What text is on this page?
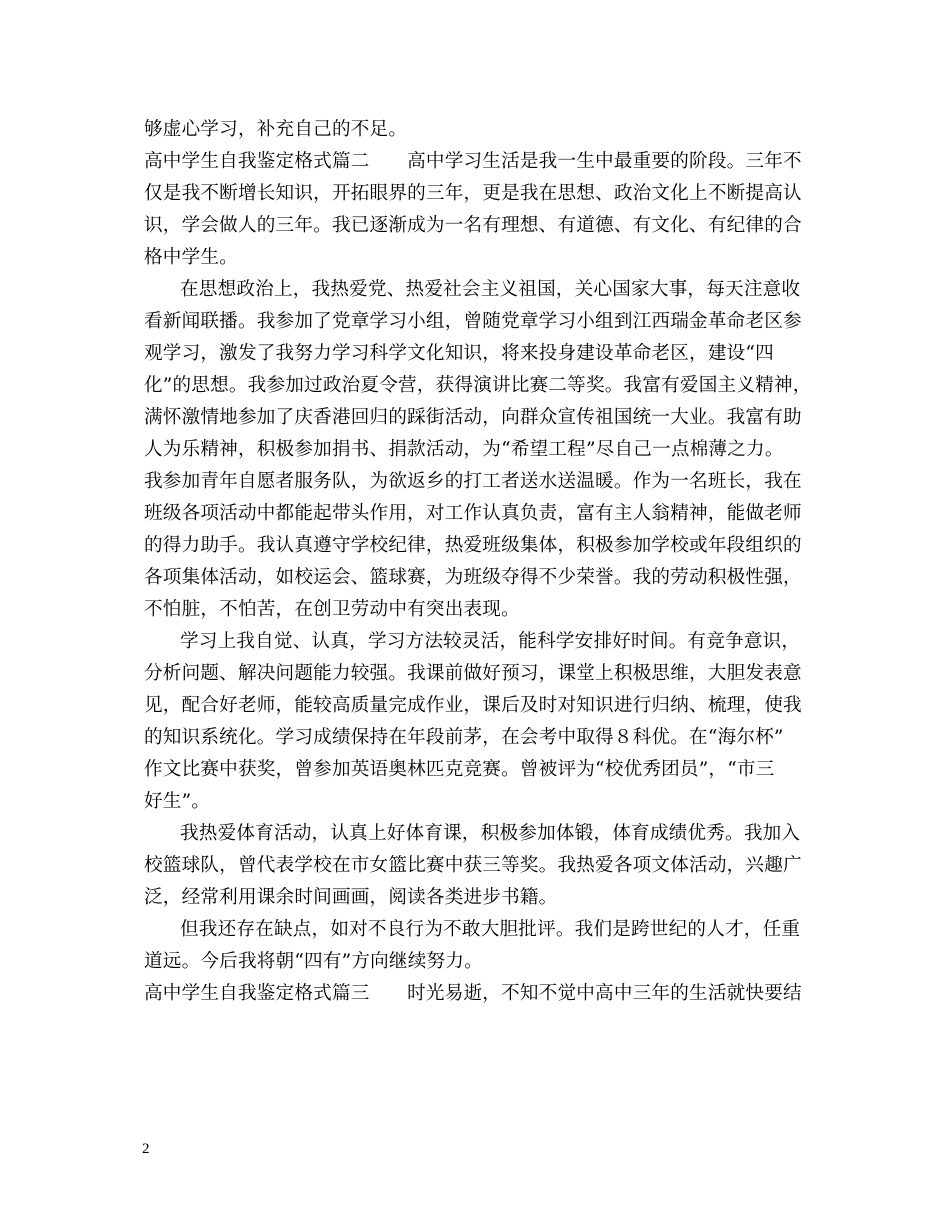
够虚心学习，补充自己的不足。
高中学生自我鉴定格式篇二　　高中学习生活是我一生中最重要的阶段。三年不
仅是我不断增长知识，开拓眼界的三年，更是我在思想、政治文化上不断提高认
识，学会做人的三年。我已逐渐成为一名有理想、有道德、有文化、有纪律的合
格中学生。
在思想政治上，我热爱党、热爱社会主义祖国，关心国家大事，每天注意收
看新闻联播。我参加了党章学习小组，曾随党章学习小组到江西瑞金革命老区参
观学习，激发了我努力学习科学文化知识，将来投身建设革命老区，建设“四
化”的思想。我参加过政治夏令营，获得演讲比赛二等奖。我富有爱国主义精神，
满怀激情地参加了庆香港回归的踩街活动，向群众宣传祖国统一大业。我富有助
人为乐精神，积极参加捐书、捐款活动，为“希望工程”尽自己一点棉薄之力。
我参加青年自愿者服务队，为欲返乡的打工者送水送温暖。作为一名班长，我在
班级各项活动中都能起带头作用，对工作认真负责，富有主人翁精神，能做老师
的得力助手。我认真遵守学校纪律，热爱班级集体，积极参加学校或年段组织的
各项集体活动，如校运会、篮球赛，为班级夺得不少荣誉。我的劳动积极性强，
不怕脏，不怕苦，在创卫劳动中有突出表现。
学习上我自觉、认真，学习方法较灵活，能科学安排好时间。有竞争意识，
分析问题、解决问题能力较强。我课前做好预习，课堂上积极思维，大胆发表意
见，配合好老师，能较高质量完成作业，课后及时对知识进行归纳、梳理，使我
的知识系统化。学习成绩保持在年段前茅，在会考中取得８科优。在“海尔杯”
作文比赛中获奖，曾参加英语奥林匹克竞赛。曾被评为“校优秀团员”，“市三
好生”。
我热爱体育活动，认真上好体育课，积极参加体锻，体育成绩优秀。我加入
校篮球队，曾代表学校在市女篮比赛中获三等奖。我热爱各项文体活动，兴趣广
泛，经常利用课余时间画画，阅读各类进步书籍。
但我还存在缺点，如对不良行为不敢大胆批评。我们是跨世纪的人才，任重
道远。今后我将朝“四有”方向继续努力。
高中学生自我鉴定格式篇三　　时光易逝，不知不觉中高中三年的生活就快要结
2
